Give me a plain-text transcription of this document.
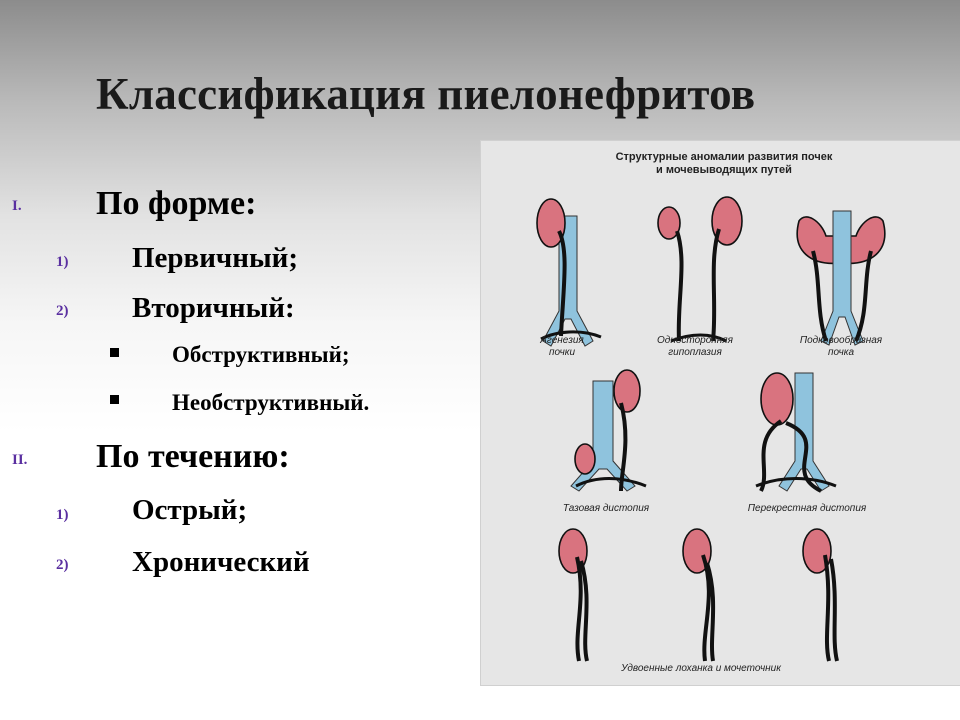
Классификация пиелонефритов
I. По форме:
1) Первичный;
2) Вторичный:
Обструктивный;
Необструктивный.
II. По течению:
1) Острый;
2) Хронический
Структурные аномалии развития почек
и мочевыводящих путей
Агенезия
почки
Односторонняя
гипоплазия
Подковообразная
почка
Тазовая дистопия	Перекрестная дистопия
Удвоенные лоханка и мочеточник
